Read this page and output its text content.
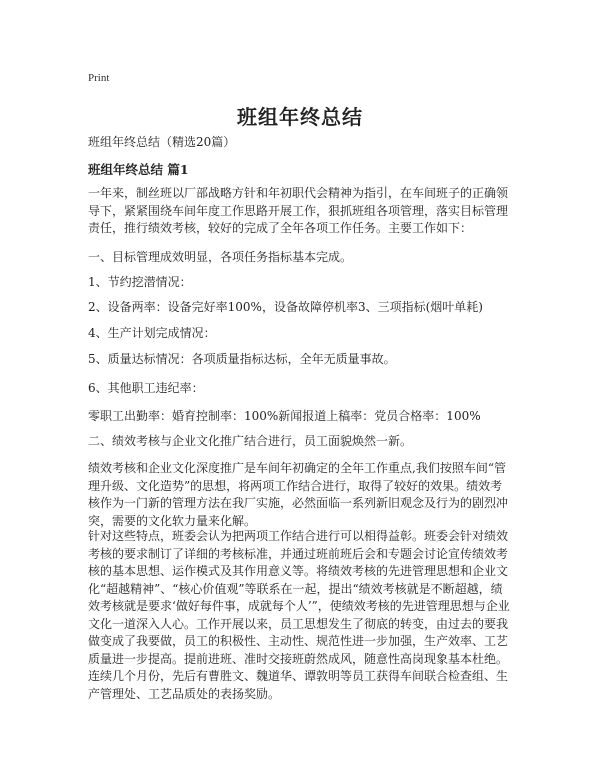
Print
班组年终总结
班组年终总结（精选20篇）
班组年终总结 篇1

一年来，制丝班以厂部战略方针和年初职代会精神为指引，在车间班子的正确领导下，紧紧围绕车间年度工作思路开展工作，狠抓班组各项管理，落实目标管理责任，推行绩效考核，较好的完成了全年各项工作任务。主要工作如下：

一、目标管理成效明显，各项任务指标基本完成。
1、节约挖潜情况：
2、设备两率：设备完好率100%，设备故障停机率3、三项指标(烟叶单耗)
4、生产计划完成情况：
5、质量达标情况：各项质量指标达标，全年无质量事故。
6、其他职工违纪率：
零职工出勤率：婚育控制率：100%新闻报道上稿率：党员合格率：100%
二、绩效考核与企业文化推广结合进行，员工面貌焕然一新。

绩效考核和企业文化深度推广是车间年初确定的全年工作重点,我们按照车间“管理升级、文化造势”的思想，将两项工作结合进行，取得了较好的效果。绩效考核作为一门新的管理方法在我厂实施，必然面临一系列新旧观念及行为的剧烈冲突，需要的文化软力量来化解。

针对这些特点，班委会认为把两项工作结合进行可以相得益彰。班委会针对绩效考核的要求制订了详细的考核标准，并通过班前班后会和专题会讨论宣传绩效考核的基本思想、运作模式及其作用意义等。将绩效考核的先进管理思想和企业文化“超越精神”、“核心价值观”等联系在一起，提出“绩效考核就是不断超越，绩效考核就是要求‘做好每件事，成就每个人’”，使绩效考核的先进管理思想与企业文化一道深入人心。工作开展以来，员工思想发生了彻底的转变，由过去的要我做变成了我要做，员工的积极性、主动性、规范性进一步加强，生产效率、工艺质量进一步提高。提前进班、准时交接班蔚然成风，随意性高岗现象基本杜绝。连续几个月份，先后有曹胜文、魏道华、谭敦明等员工获得车间联合检查组、生产管理处、工艺品质处的表扬奖励。
